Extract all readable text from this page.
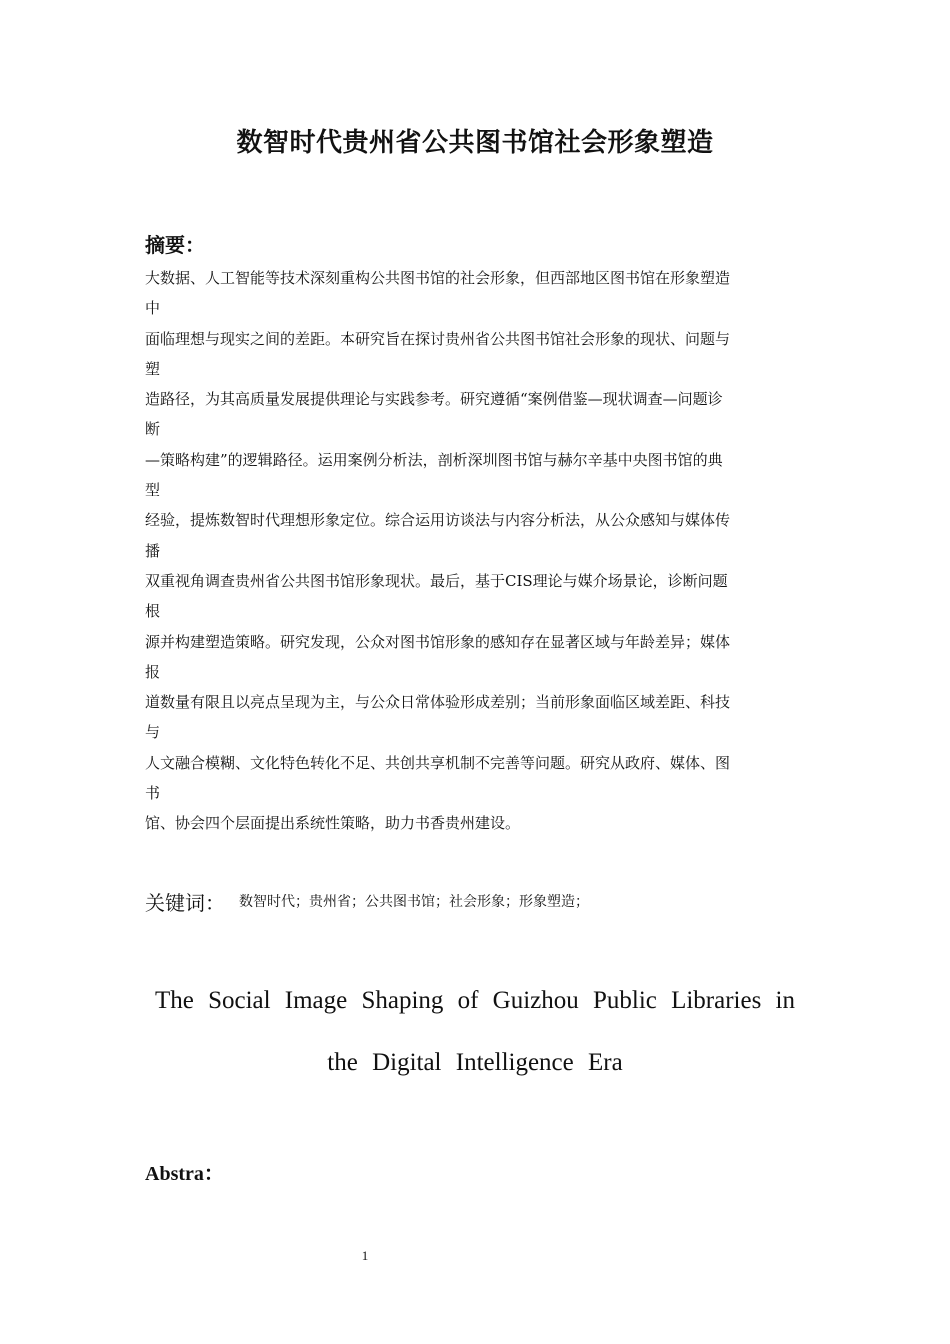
数智时代贵州省公共图书馆社会形象塑造
摘要：
大数据、人工智能等技术深刻重构公共图书馆的社会形象，但西部地区图书馆在形象塑造
中
面临理想与现实之间的差距。本研究旨在探讨贵州省公共图书馆社会形象的现状、问题与
塑
造路径，为其高质量发展提供理论与实践参考。研究遵循“案例借鉴—现状调查—问题诊
断
—策略构建”的逻辑路径。运用案例分析法，剖析深圳图书馆与赫尔辛基中央图书馆的典
型
经验，提炼数智时代理想形象定位。综合运用访谈法与内容分析法，从公众感知与媒体传
播
双重视角调查贵州省公共图书馆形象现状。最后，基于CIS理论与媒介场景论，诊断问题
根
源并构建塑造策略。研究发现，公众对图书馆形象的感知存在显著区域与年龄差异；媒体
报
道数量有限且以亮点呈现为主，与公众日常体验形成差别；当前形象面临区域差距、科技
与
人文融合模糊、文化特色转化不足、共创共享机制不完善等问题。研究从政府、媒体、图
书
馆、协会四个层面提出系统性策略，助力书香贵州建设。
关键词： 数智时代；贵州省；公共图书馆；社会形象；形象塑造；
The Social Image Shaping of Guizhou Public Libraries in
the Digital Intelligence Era
Abstra：
1
